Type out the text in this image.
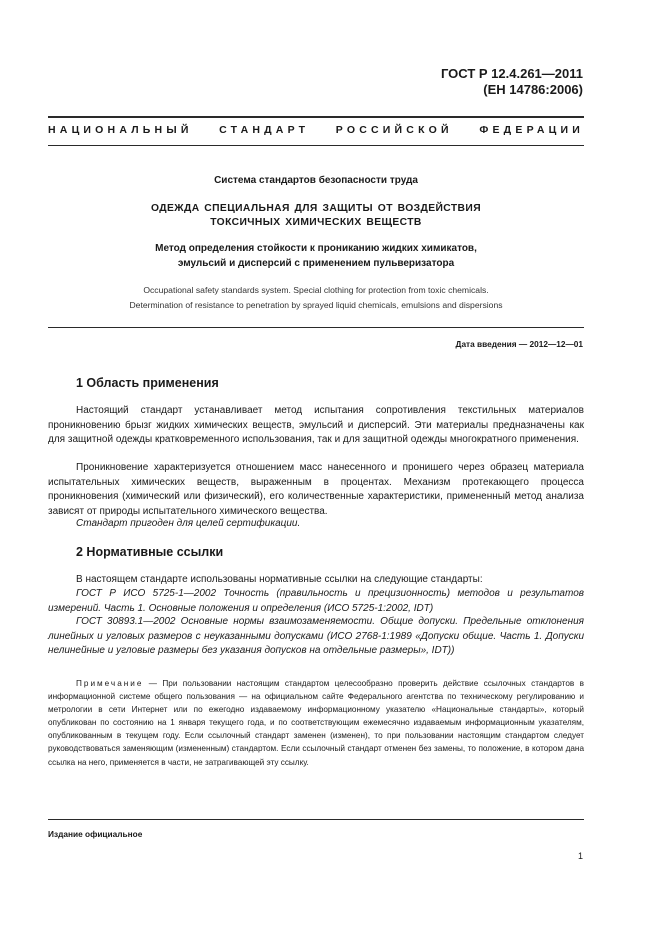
ГОСТ Р 12.4.261—2011
(ЕН 14786:2006)
НАЦИОНАЛЬНЫЙ СТАНДАРТ РОССИЙСКОЙ ФЕДЕРАЦИИ
Система стандартов безопасности труда
ОДЕЖДА СПЕЦИАЛЬНАЯ ДЛЯ ЗАЩИТЫ ОТ ВОЗДЕЙСТВИЯ
ТОКСИЧНЫХ ХИМИЧЕСКИХ ВЕЩЕСТВ
Метод определения стойкости к прониканию жидких химикатов,
эмульсий и дисперсий с применением пульверизатора
Occupational safety standards system. Special clothing for protection from toxic chemicals.
Determination of resistance to penetration by sprayed liquid chemicals, emulsions and dispersions
Дата введения — 2012—12—01
1 Область применения
Настоящий стандарт устанавливает метод испытания сопротивления текстильных материалов проникновению брызг жидких химических веществ, эмульсий и дисперсий. Эти материалы предназначены как для защитной одежды кратковременного использования, так и для защитной одежды многократного применения.
Проникновение характеризуется отношением масс нанесенного и пронишего через образец материала испытательных химических веществ, выраженным в процентах. Механизм протекающего процесса проникновения (химический или физический), его количественные характеристики, примененный метод анализа зависят от природы испытательного химического вещества.
Стандарт пригоден для целей сертификации.
2 Нормативные ссылки
В настоящем стандарте использованы нормативные ссылки на следующие стандарты:
ГОСТ Р ИСО 5725-1—2002 Точность (правильность и прецизионность) методов и результатов измерений. Часть 1. Основные положения и определения (ИСО 5725-1:2002, IDT)
ГОСТ 30893.1—2002 Основные нормы взаимозаменяемости. Общие допуски. Предельные отклонения линейных и угловых размеров с неуказанными допусками (ИСО 2768-1:1989 «Допуски общие. Часть 1. Допуски нелинейные и угловые размеры без указания допусков на отдельные размеры», IDT))
Примечание — При пользовании настоящим стандартом целесообразно проверить действие ссылочных стандартов в информационной системе общего пользования — на официальном сайте Федерального агентства по техническому регулированию и метрологии в сети Интернет или по ежегодно издаваемому информационному указателю «Национальные стандарты», который опубликован по состоянию на 1 января текущего года, и по соответствующим ежемесячно издаваемым информационным указателям, опубликованным в текущем году. Если ссылочный стандарт заменен (изменен), то при пользовании настоящим стандартом следует руководствоваться заменяющим (измененным) стандартом. Если ссылочный стандарт отменен без замены, то положение, в котором дана ссылка на него, применяется в части, не затрагивающей эту ссылку.
Издание официальное
1
